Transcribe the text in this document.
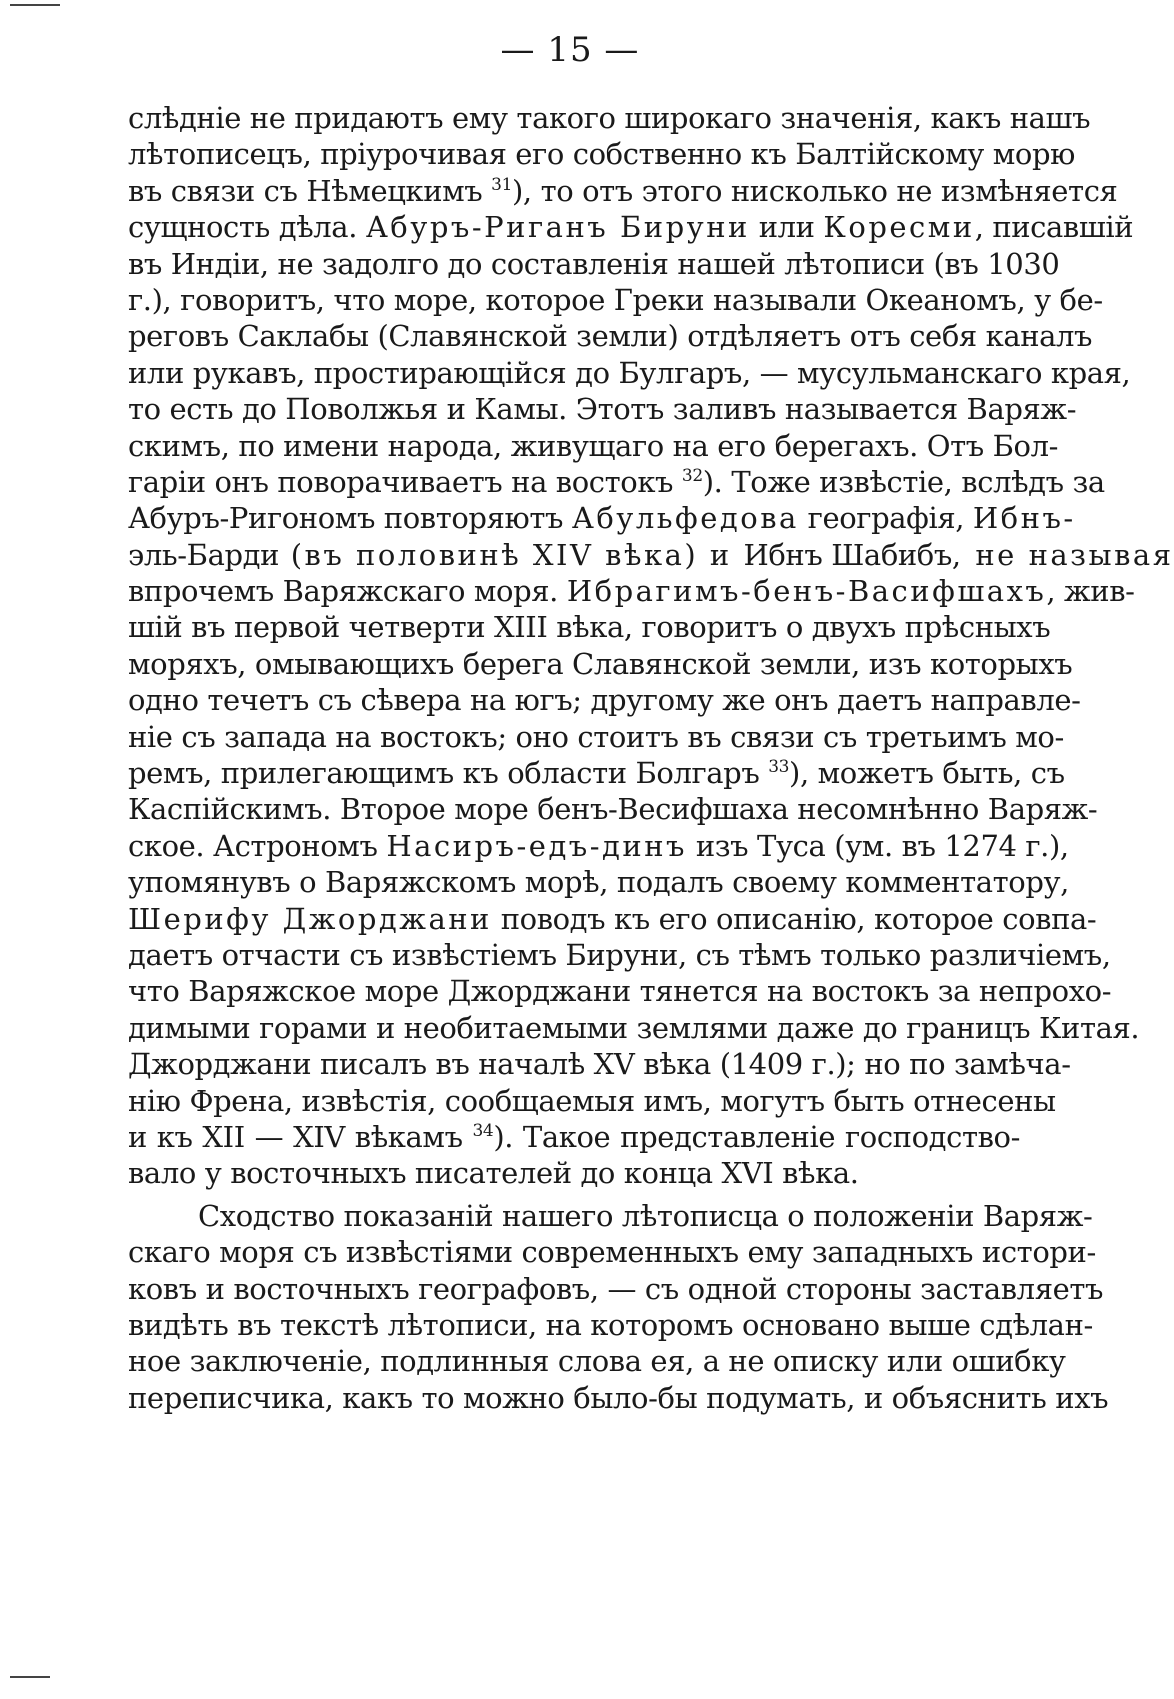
— 15 —
слѣдніе не придаютъ ему такого широкаго значенія, какъ нашъ
лѣтописецъ, пріурочивая его собственно къ Балтійскому морю
въ связи съ Нѣмецкимъ $^{31}$), то отъ этого нисколько не измѣняется
сущность дѣла. Абуръ-Риганъ Бируни или Коресми, писавшій
въ Индіи, не задолго до составленія нашей лѣтописи (въ 1030
г.), говоритъ, что море, которое Греки называли Океаномъ, у бе-
реговъ Саклабы (Славянской земли) отдѣляетъ отъ себя каналъ
или рукавъ, простирающійся до Булгаръ, — мусульманскаго края,
то есть до Поволжья и Камы. Этотъ заливъ называется Варяж-
скимъ, по имени народа, живущаго на его берегахъ. Отъ Бол-
гаріи онъ поворачиваетъ на востокъ $^{32}$). Тоже извѣстіе, вслѣдъ за
Абуръ-Ригономъ повторяютъ Абульфедова географія, Ибнъ-
эль-Барди (въ половинѣ XIV вѣка) и Ибнъ Шабибъ, не называя
впрочемъ Варяжскаго моря. Ибрагимъ-бенъ-Васифшахъ, жив-
шій въ первой четверти XIII вѣка, говоритъ о двухъ прѣсныхъ
моряхъ, омывающихъ берега Славянской земли, изъ которыхъ
одно течетъ съ сѣвера на югъ; другому же онъ даетъ направле-
ніе съ запада на востокъ; оно стоитъ въ связи съ третьимъ мо-
ремъ, прилегающимъ къ области Болгаръ $^{33}$), можетъ быть, съ
Каспійскимъ. Второе море бенъ-Весифшаха несомнѣнно Варяж-
ское. Астрономъ Насиръ-едъ-динъ изъ Туса (ум. въ 1274 г.),
упомянувъ о Варяжскомъ морѣ, подалъ своему комментатору,
Шерифу Джорджани поводъ къ его описанію, которое совпа-
даетъ отчасти съ извѣстіемъ Бируни, съ тѣмъ только различіемъ,
что Варяжское море Джорджани тянется на востокъ за непрохо-
димыми горами и необитаемыми землями даже до границъ Китая.
Джорджани писалъ въ началѣ XV вѣка (1409 г.); но по замѣча-
нію Френа, извѣстія, сообщаемыя имъ, могутъ быть отнесены
и къ XII — XIV вѣкамъ $^{34}$). Такое представленіе господство-
вало у восточныхъ писателей до конца XVI вѣка.
Сходство показаній нашего лѣтописца о положеніи Варяж-
скаго моря съ извѣстіями современныхъ ему западныхъ истори-
ковъ и восточныхъ географовъ, — съ одной стороны заставляетъ
видѣть въ текстѣ лѣтописи, на которомъ основано выше сдѣлан-
ное заключеніе, подлинныя слова ея, а не описку или ошибку
переписчика, какъ то можно было-бы подумать, и объяснить ихъ
